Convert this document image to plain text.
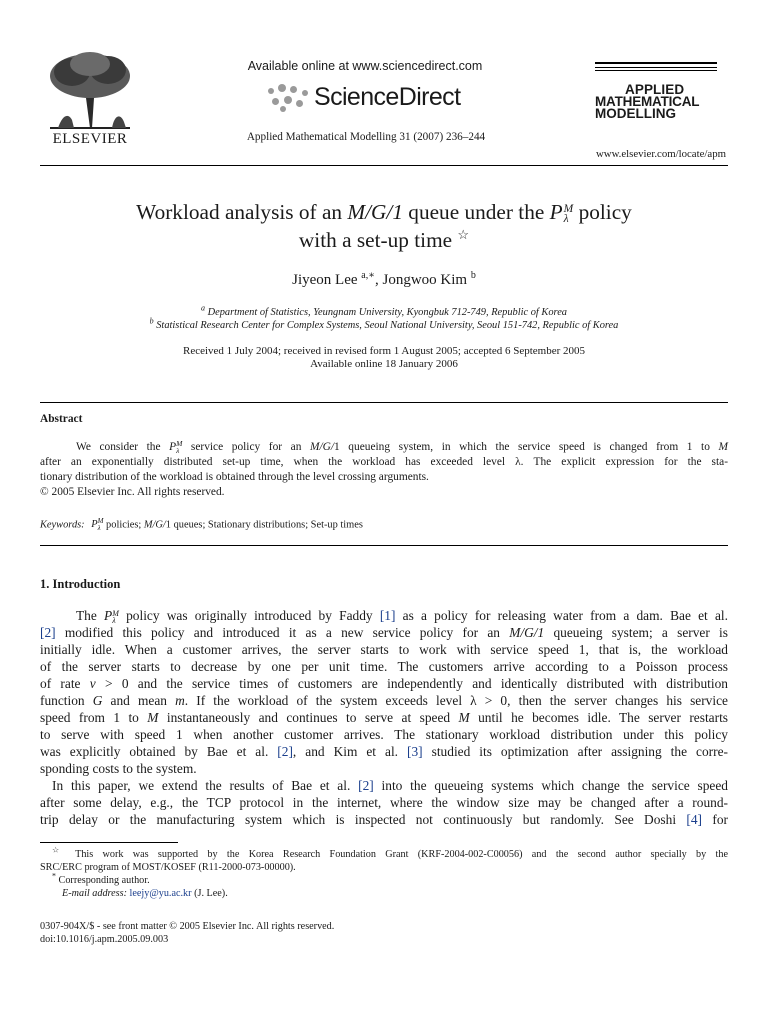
ELSEVIER
Available online at www.sciencedirect.com
ScienceDirect
Applied Mathematical Modelling 31 (2007) 236–244
APPLIED
MATHEMATICAL
MODELLING
www.elsevier.com/locate/apm
Workload analysis of an M/G/1 queue under the P M
λ policy
with a set-up time ☆
Jiyeon Lee $^{a,∗}$, Jongwoo Kim $^b$
$^a$ Department of Statistics, Yeungnam University, Kyongbuk 712-749, Republic of Korea
$^b$ Statistical Research Center for Complex Systems, Seoul National University, Seoul 151-742, Republic of Korea
Received 1 July 2004; received in revised form 1 August 2005; accepted 6 September 2005
Available online 18 January 2006
Abstract
We consider the P M
λ service policy for an M/G/1 queueing system, in which the service speed is changed from 1 to M
after an exponentially distributed set-up time, when the workload has exceeded level λ. The explicit expression for the sta-
tionary distribution of the workload is obtained through the level crossing arguments.
© 2005 Elsevier Inc. All rights reserved.
Keywords: P M
λ policies; M/G/1 queues; Stationary distributions; Set-up times
1. Introduction
The P M
λ policy was originally introduced by Faddy [1] as a policy for releasing water from a dam. Bae et al.
[2] modified this policy and introduced it as a new service policy for an M/G/1 queueing system; a server is
initially idle. When a customer arrives, the server starts to work with service speed 1, that is, the workload
of the server starts to decrease by one per unit time. The customers arrive according to a Poisson process
of rate ν > 0 and the service times of customers are independently and identically distributed with distribution
function G and mean m. If the workload of the system exceeds level λ > 0, then the server changes his service
speed from 1 to M instantaneously and continues to serve at speed M until he becomes idle. The server restarts
to serve with speed 1 when another customer arrives. The stationary workload distribution under this policy
was explicitly obtained by Bae et al. [2], and Kim et al. [3] studied its optimization after assigning the corre-
sponding costs to the system.
In this paper, we extend the results of Bae et al. [2] into the queueing systems which change the service speed
after some delay, e.g., the TCP protocol in the internet, where the window size may be changed after a round-
trip delay or the manufacturing system which is inspected not continuously but randomly. See Doshi [4] for
☆ This work was supported by the Korea Research Foundation Grant (KRF-2004-002-C00056) and the second author specially by the
SRC/ERC program of MOST/KOSEF (R11-2000-073-00000).
* Corresponding author.
E-mail address: leejy@yu.ac.kr (J. Lee).
0307-904X/$ - see front matter © 2005 Elsevier Inc. All rights reserved.
doi:10.1016/j.apm.2005.09.003
